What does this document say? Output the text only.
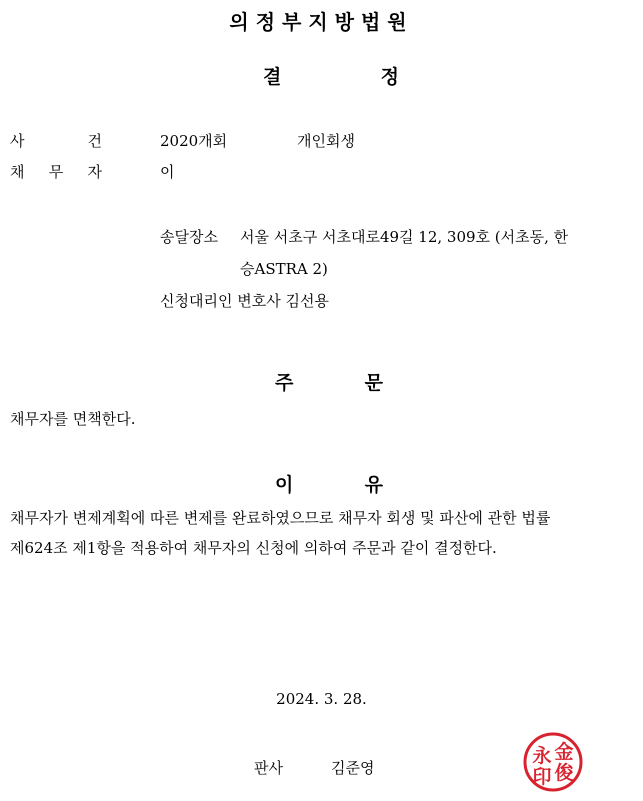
의정부지방법원
결	정
사	건	2020개회	개인회생
채 무 자	이
송달장소 서울 서초구 서초대로49길 12, 309호 (서초동, 한
승ASTRA 2)
신청대리인 변호사 김선용
주	문
채무자를 면책한다.
이	유
채무자가 변제계획에 따른 변제를 완료하였으므로 채무자 회생 및 파산에 관한 법률
제624조 제1항을 적용하여 채무자의 신청에 의하여 주문과 같이 결정한다.
2024. 3. 28.
판사	김준영
永 金
印 俊
